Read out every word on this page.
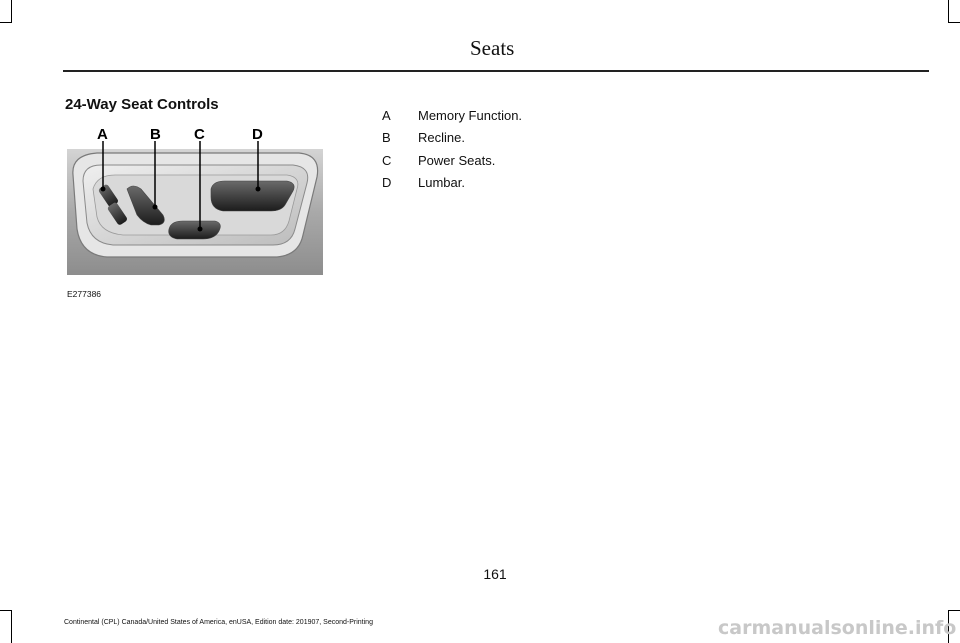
Seats
24-Way Seat Controls
A	B C	D
E277386
A	Memory Function.
B	Recline.
C	Power Seats.
D	Lumbar.
161
Continental (CPL) Canada/United States of America, enUSA, Edition date: 201907, Second-Printing	carmanualsonline.info
